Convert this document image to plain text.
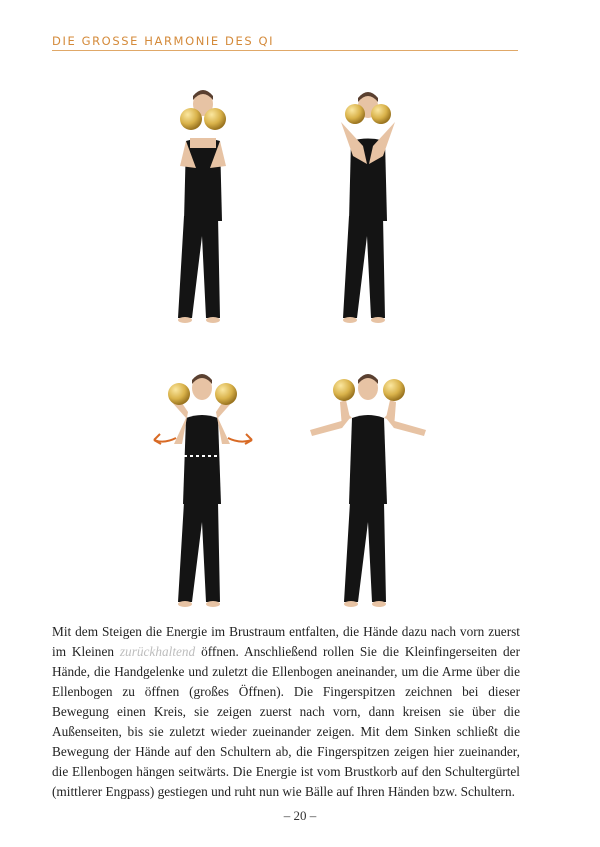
DIE GROSSE HARMONIE DES QI

Mit dem Steigen die Energie im Brustraum entfalten, die Hände dazu nach vorn zuerst im Kleinen zurückhaltend öffnen. Anschließend rollen Sie die Kleinfingerseiten der Hände, die Handgelenke und zuletzt die Ellenbogen aneinander, um die Arme über die Ellenbogen zu öffnen (großes Öffnen). Die Fingerspitzen zeichnen bei dieser Bewegung einen Kreis, sie zeigen zuerst nach vorn, dann kreisen sie über die Außenseiten, bis sie zuletzt wieder zueinander zeigen. Mit dem Sinken schließt die Bewegung der Hände auf den Schultern ab, die Fingerspitzen zeigen hier zueinander, die Ellenbogen hängen seitwärts. Die Energie ist vom Brustkorb auf den Schultergürtel (mittlerer Engpass) gestiegen und ruht nun wie Bälle auf Ihren Händen bzw. Schultern.

– 20 –
